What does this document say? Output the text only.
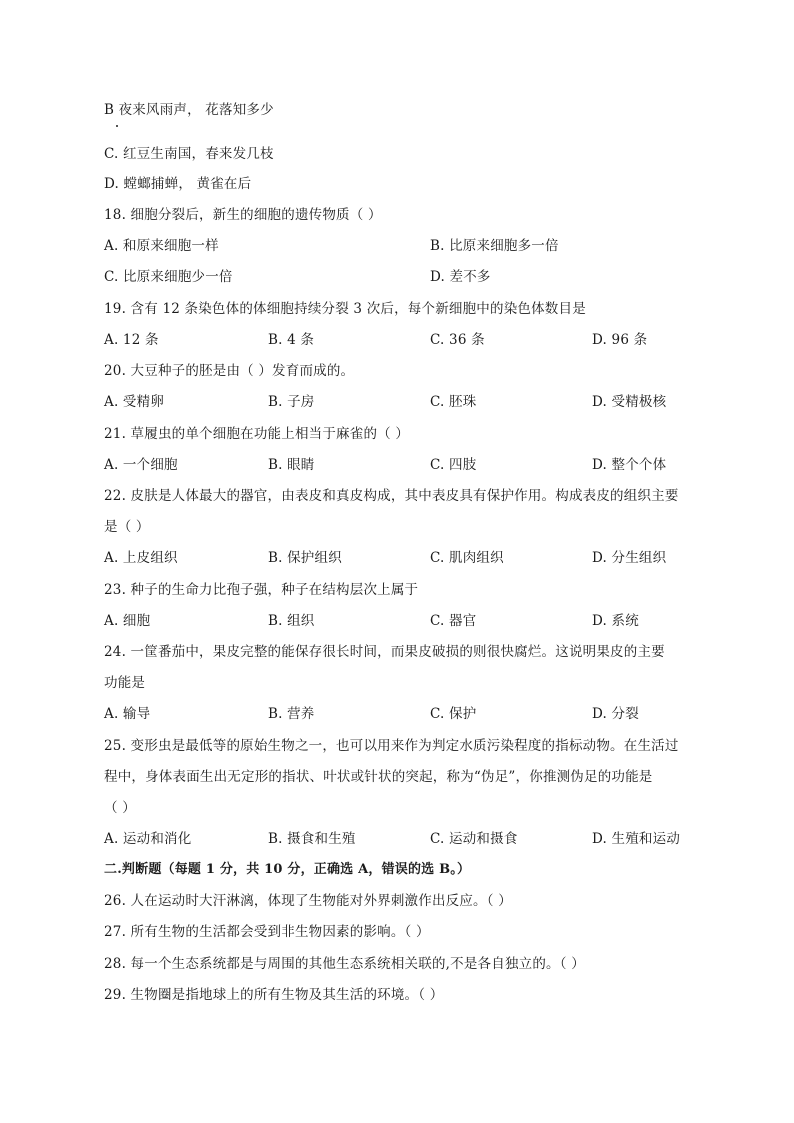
B 夜来风雨声， 花落知多少
C. 红豆生南国，春来发几枝
D. 螳螂捕蝉， 黄雀在后
18. 细胞分裂后，新生的细胞的遗传物质（ ）
A. 和原来细胞一样	B. 比原来细胞多一倍
C. 比原来细胞少一倍	D. 差不多
19. 含有 12 条染色体的体细胞持续分裂 3 次后，每个新细胞中的染色体数目是
A. 12 条	B. 4 条	C. 36 条	D. 96 条
20. 大豆种子的胚是由（ ）发育而成的。
A. 受精卵	B. 子房	C. 胚珠	D. 受精极核
21. 草履虫的单个细胞在功能上相当于麻雀的（ ）
A. 一个细胞	B. 眼睛	C. 四肢	D. 整个个体
22. 皮肤是人体最大的器官，由表皮和真皮构成，其中表皮具有保护作用。构成表皮的组织主要
是（ ）
A. 上皮组织	B. 保护组织	C. 肌肉组织	D. 分生组织
23. 种子的生命力比孢子强，种子在结构层次上属于
A. 细胞	B. 组织	C. 器官	D. 系统
24. 一筐番茄中，果皮完整的能保存很长时间，而果皮破损的则很快腐烂。这说明果皮的主要
功能是
A. 输导	B. 营养	C. 保护	D. 分裂
25. 变形虫是最低等的原始生物之一，也可以用来作为判定水质污染程度的指标动物。在生活过
程中，身体表面生出无定形的指状、叶状或针状的突起，称为“伪足”，你推测伪足的功能是
（ ）
A. 运动和消化	B. 摄食和生殖	C. 运动和摄食	D. 生殖和运动
二.判断题（每题 1 分，共 10 分，正确选 A，错误的选 B。）
26. 人在运动时大汗淋漓，体现了生物能对外界刺激作出反应。（ ）
27. 所有生物的生活都会受到非生物因素的影响。（ ）
28. 每一个生态系统都是与周围的其他生态系统相关联的,不是各自独立的。（ ）
29. 生物圈是指地球上的所有生物及其生活的环境。（ ）
